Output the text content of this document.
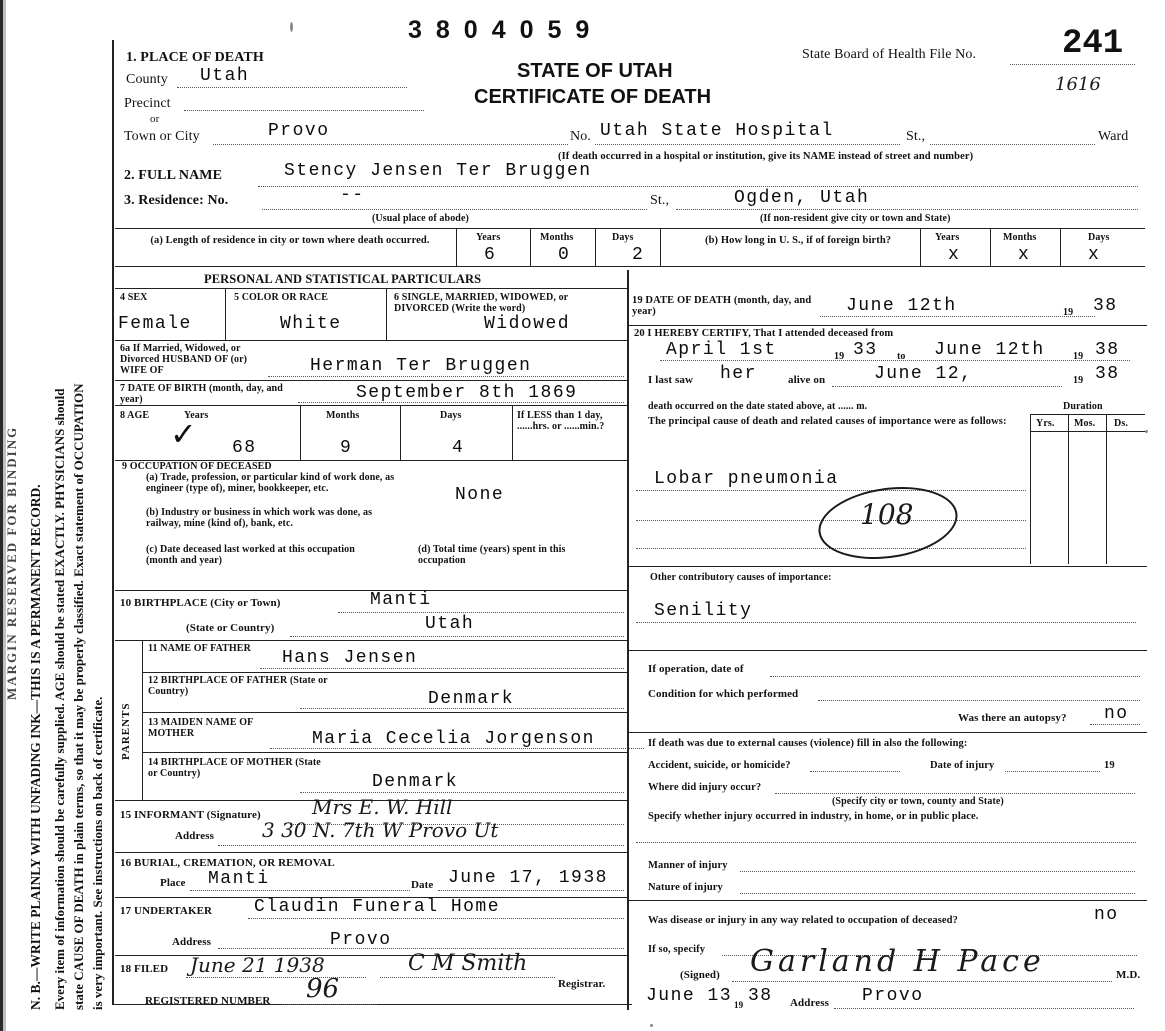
MARGIN RESERVED FOR BINDING N. B.—WRITE PLAINLY WITH UNFADING INK—THIS IS A PERMANENT RECORD. Every item of information should be carefully supplied. AGE should be stated EXACTLY. PHYSICIANS should state CAUSE OF DEATH in plain terms, so that it may be properly classified. Exact statement of OCCUPATION is very important. See instructions on back of certificate.
3804059
State Board of Health File No.	241
1616
STATE OF UTAH
CERTIFICATE OF DEATH
1. PLACE OF DEATH
County Utah
Precinct
or
Town or City	Provo	No. Utah State Hospital	St.,	Ward
(If death occurred in a hospital or institution, give its NAME instead of street and number)
2. FULL NAME	Stency Jensen Ter Bruggen
3. Residence: No.	--	St.,	Ogden, Utah
(Usual place of abode)	(If non-resident give city or town and State)
(a) Length of residence in city or town where death occurred.	Years	Months	Days
6	0	2
(b) How long in U. S., if of foreign birth?	Years	Months	Days
x	x	x
PERSONAL AND STATISTICAL PARTICULARS
4 SEX	5 COLOR OR RACE	6 SINGLE, MARRIED, WIDOWED, or DIVORCED (Write the word)
Female	White	Widowed
6a If Married, Widowed, or Divorced HUSBAND OF (or) WIFE OF	Herman Ter Bruggen
7 DATE OF BIRTH (month, day, and year)	September 8th 1869
8 AGE	Years	Months	Days	If LESS than 1 day, ......hrs. or ......min.?
✓ 68	9	4
9 OCCUPATION OF DECEASED
(a) Trade, profession, or particular kind of work done, as engineer (type of), miner, bookkeeper, etc.	None
(b) Industry or business in which work was done, as railway, mine (kind of), bank, etc.
(c) Date deceased last worked at this occupation (month and year)
(d) Total time (years) spent in this occupation
10 BIRTHPLACE (City or Town)	Manti
(State or Country)	Utah
PARENTS
11 NAME OF FATHER	Hans Jensen
12 BIRTHPLACE OF FATHER (State or Country)	Denmark
13 MAIDEN NAME OF MOTHER	Maria Cecelia Jorgenson
14 BIRTHPLACE OF MOTHER (State or Country)	Denmark
15 INFORMANT (Signature)	Mrs E. W. Hill
Address 3 30 N. 7th W Provo Ut
16 BURIAL, CREMATION, OR REMOVAL
Place Manti	Date June 17, 1938
17 UNDERTAKER Claudin Funeral Home
Address	Provo
18 FILED June 21 1938	C M Smith
Registrar.
REGISTERED NUMBER 96
19 DATE OF DEATH (month, day, and year)	June 12th	19 38
20 I HEREBY CERTIFY, That I attended deceased from
April 1st	19 33 to June 12th	19 38
I last saw her	alive on	June 12,	19 38
death occurred on the date stated above, at ...... m.	Duration
Yrs. Mos. Ds.
The principal cause of death and related causes of importance were as follows:
Lobar pneumonia
108
Other contributory causes of importance:
Senility
If operation, date of
Condition for which performed
Was there an autopsy? no
If death was due to external causes (violence) fill in also the following:
Accident, suicide, or homicide?	Date of injury	19
Where did injury occur?
(Specify city or town, county and State)
Specify whether injury occurred in industry, in home, or in public place.
Manner of injury
Nature of injury
Was disease or injury in any way related to occupation of deceased?	no
If so, specify
(Signed) Garland H Pace	M.D.
June 13 19 38 Address Provo
